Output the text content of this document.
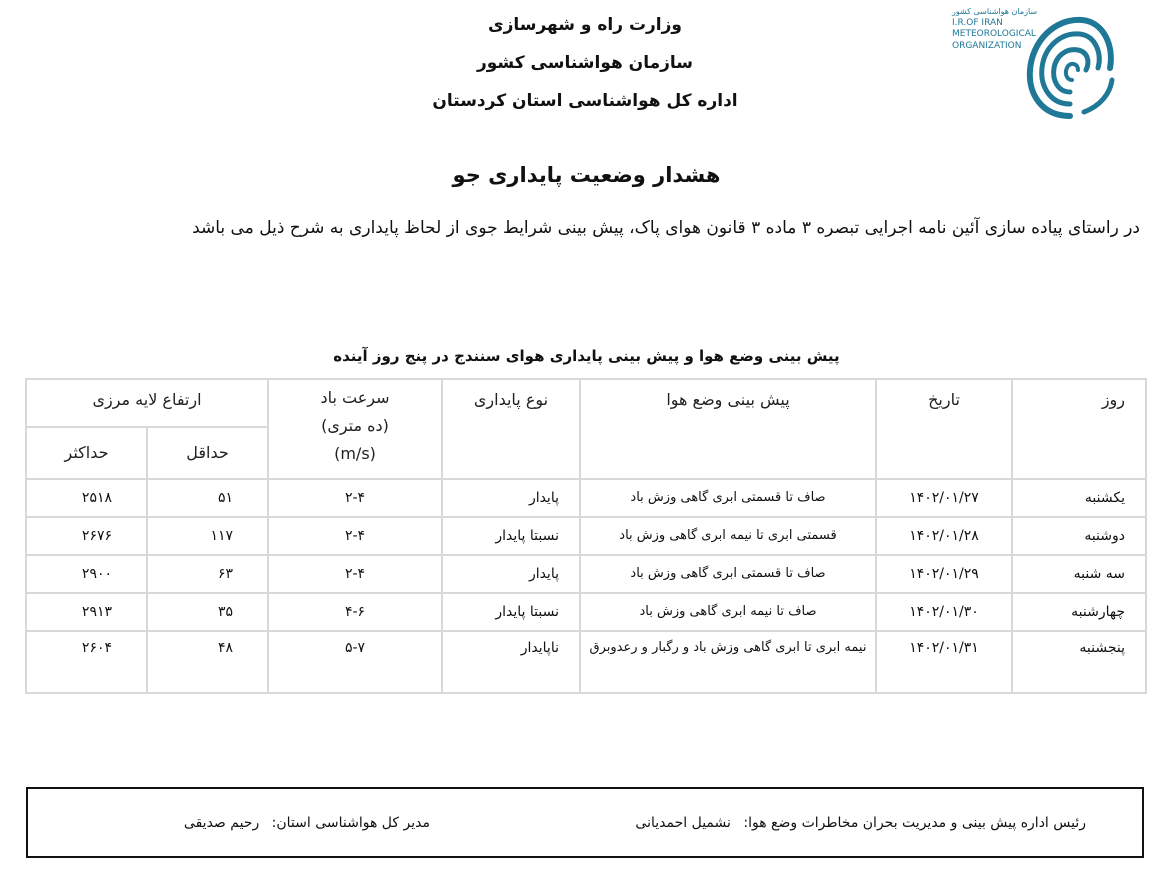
وزارت راه و شهرسازی
سازمان هواشناسی کشور
اداره کل هواشناسی استان کردستان
سازمان هواشناسی کشور
I.R.OF IRAN
METEOROLOGICAL
ORGANIZATION
هشدار وضعیت پایداری جو
در راستای پیاده سازی آئین نامه اجرایی تبصره ۳ ماده ۳ قانون هوای پاک، پیش بینی شرایط جوی از لحاظ پایداری به شرح ذیل می باشد
پیش بینی وضع هوا و پیش بینی پایداری هوای سنندج در پنج روز آینده
روز	تاریخ	پیش بینی وضع هوا	نوع پایداری	سرعت باد (ده متری) (m/s)	ارتفاع لایه مرزی	
					حداقل	حداکثر
یکشنبه	۱۴۰۲/۰۱/۲۷	صاف تا قسمتی ابری گاهی وزش باد	پایدار	۲-۴	۵۱	۲۵۱۸
دوشنبه	۱۴۰۲/۰۱/۲۸	قسمتی ابری تا نیمه ابری گاهی وزش باد	نسبتا پایدار	۲-۴	۱۱۷	۲۶۷۶
سه شنبه	۱۴۰۲/۰۱/۲۹	صاف تا قسمتی ابری گاهی وزش باد	پایدار	۲-۴	۶۳	۲۹۰۰
چهارشنبه	۱۴۰۲/۰۱/۳۰	صاف تا نیمه ابری گاهی وزش باد	نسبتا پایدار	۴-۶	۳۵	۲۹۱۳
پنجشنبه	۱۴۰۲/۰۱/۳۱	نیمه ابری تا ابری گاهی وزش باد و رگبار و رعدوبرق	ناپایدار	۵-۷	۴۸	۲۶۰۴
رئیس اداره پیش بینی و مدیریت بحران مخاطرات وضع هوا: نشمیل احمدیانی
مدیر کل هواشناسی استان: رحیم صدیقی
